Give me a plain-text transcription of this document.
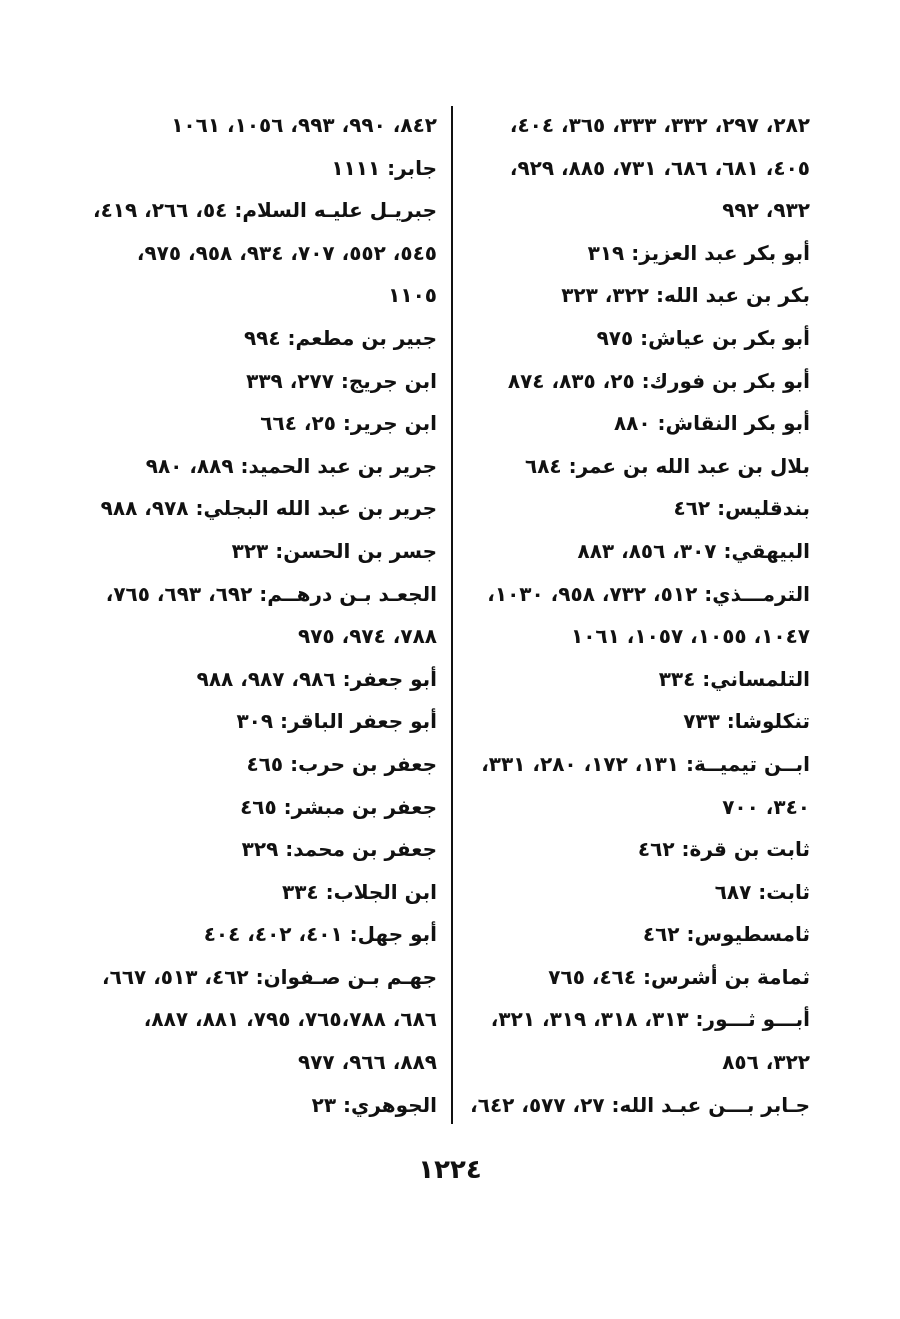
٢٨٢، ٢٩٧، ٣٣٢، ٣٣٣، ٣٦٥، ٤٠٤،
٤٠٥، ٦٨١، ٦٨٦، ٧٣١، ٨٨٥، ٩٢٩،
٩٣٢، ٩٩٢
أبو بكر عبد العزيز: ٣١٩
بكر بن عبد الله: ٣٢٢، ٣٢٣
أبو بكر بن عياش: ٩٧٥
أبو بكر بن فورك: ٢٥، ٨٣٥، ٨٧٤
أبو بكر النقاش: ٨٨٠
بلال بن عبد الله بن عمر: ٦٨٤
بندقليس: ٤٦٢
البيهقي: ٣٠٧، ٨٥٦، ٨٨٣
الترمـــذي: ٥١٢، ٧٣٢، ٩٥٨، ١٠٣٠،
١٠٤٧، ١٠٥٥، ١٠٥٧، ١٠٦١
التلمساني: ٣٣٤
تنكلوشا: ٧٣٣
ابــن تيميــة: ١٣١، ١٧٢، ٢٨٠، ٣٣١،
٣٤٠، ٧٠٠
ثابت بن قرة: ٤٦٢
ثابت: ٦٨٧
ثامسطيوس: ٤٦٢
ثمامة بن أشرس: ٤٦٤، ٧٦٥
أبـــو ثـــور: ٣١٣، ٣١٨، ٣١٩، ٣٢١،
٣٢٢، ٨٥٦
جـابر بـــن عبـد الله: ٢٧، ٥٧٧، ٦٤٢،
٨٤٢، ٩٩٠، ٩٩٣، ١٠٥٦، ١٠٦١
جابر: ١١١١
جبريـل عليـه السلام: ٥٤، ٢٦٦، ٤١٩،
٥٤٥، ٥٥٢، ٧٠٧، ٩٣٤، ٩٥٨، ٩٧٥،
١١٠٥
جبير بن مطعم: ٩٩٤
ابن جريج: ٢٧٧، ٣٣٩
ابن جرير: ٢٥، ٦٦٤
جرير بن عبد الحميد: ٨٨٩، ٩٨٠
جرير بن عبد الله البجلي: ٩٧٨، ٩٨٨
جسر بن الحسن: ٣٢٣
الجعـد بـن درهــم: ٦٩٢، ٦٩٣، ٧٦٥،
٧٨٨، ٩٧٤، ٩٧٥
أبو جعفر: ٩٨٦، ٩٨٧، ٩٨٨
أبو جعفر الباقر: ٣٠٩
جعفر بن حرب: ٤٦٥
جعفر بن مبشر: ٤٦٥
جعفر بن محمد: ٣٢٩
ابن الجلاب: ٣٣٤
أبو جهل: ٤٠١، ٤٠٢، ٤٠٤
جهـم بـن صـفوان: ٤٦٢، ٥١٣، ٦٦٧،
٦٨٦، ٧٦٥،٧٨٨، ٧٩٥، ٨٨١، ٨٨٧،
٨٨٩، ٩٦٦، ٩٧٧
الجوهري: ٢٣
١٢٢٤
